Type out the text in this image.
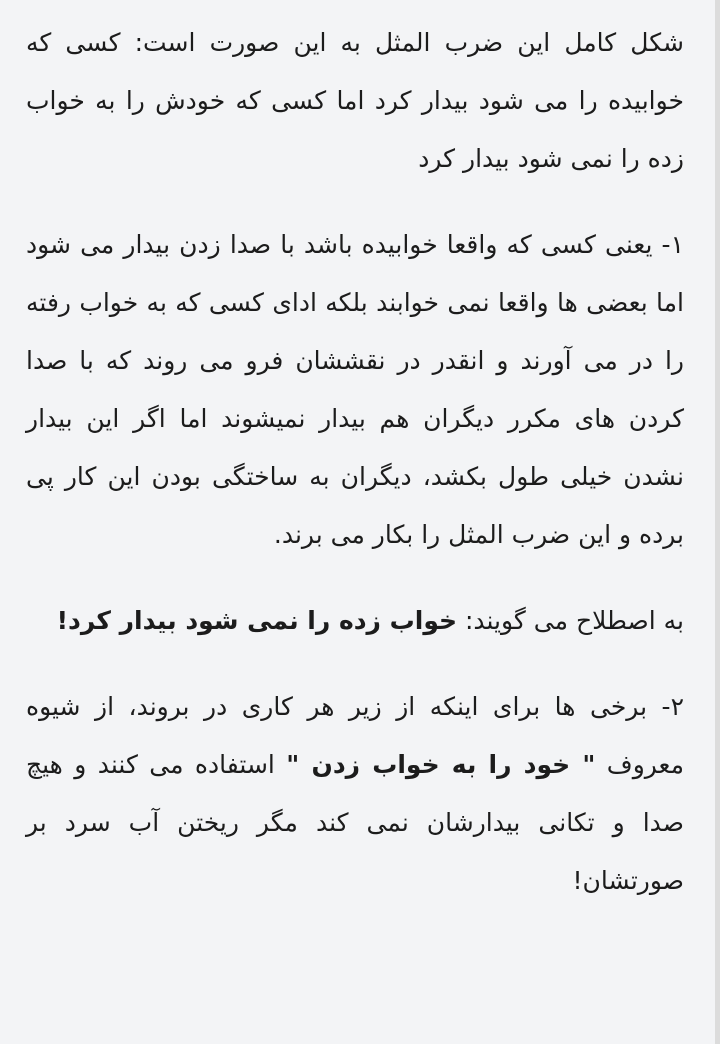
شکل کامل این ضرب المثل به این صورت است: کسی که خوابیده را می شود بیدار کرد اما کسی که خودش را به خواب زده را نمی شود بیدار کرد

۱- یعنی کسی که واقعا خوابیده باشد با صدا زدن بیدار می شود اما بعضی ها واقعا نمی خوابند بلکه ادای کسی که به خواب رفته را در می آورند و انقدر در نقششان فرو می روند که با صدا کردن های مکرر دیگران هم بیدار نمیشوند اما اگر این بیدار نشدن خیلی طول بکشد، دیگران به ساختگی بودن این کار پی برده و این ضرب المثل را بکار می برند.

به اصطلاح می گویند: خواب زده را نمی شود بیدار کرد!

۲- برخی ها برای اینکه از زیر هر کاری در بروند، از شیوه معروف " خود را به خواب زدن " استفاده می کنند و هیچ صدا و تکانی بیدارشان نمی کند مگر ریختن آب سرد بر صورتشان!
